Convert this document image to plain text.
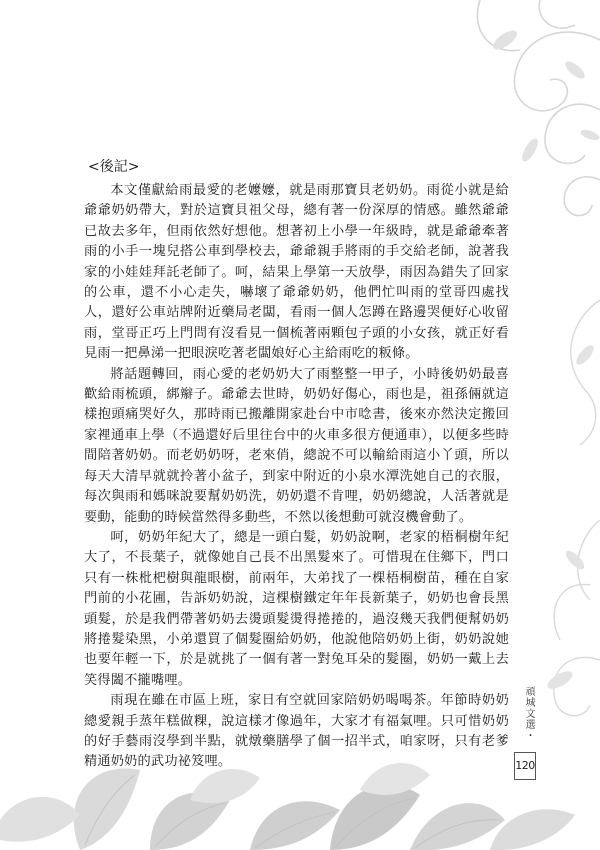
<後記>

本文僅獻給雨最愛的老嬤嬤，就是雨那寶貝老奶奶。雨從小就是給爺爺奶奶帶大，對於這寶貝祖父母，總有著一份深厚的情感。雖然爺爺已故去多年，但雨依然好想他。想著初上小學一年級時，就是爺爺牽著雨的小手一塊兒搭公車到學校去，爺爺親手將雨的手交給老師，說著我家的小娃娃拜託老師了。呵，結果上學第一天放學，雨因為錯失了回家的公車，還不小心走失，嚇壞了爺爺奶奶，他們忙叫雨的堂哥四處找人，還好公車站牌附近藥局老闆，看雨一個人怎蹲在路邊哭便好心收留雨，堂哥正巧上門問有沒看見一個梳著兩顆包子頭的小女孩，就正好看見雨一把鼻涕一把眼淚吃著老闆娘好心主給雨吃的粄條。

將話題轉回，雨心愛的老奶奶大了雨整整一甲子，小時後奶奶最喜歡給雨梳頭，綁辮子。爺爺去世時，奶奶好傷心，雨也是，祖孫倆就這樣抱頭痛哭好久，那時雨已搬離開家赴台中市唸書，後來亦然決定搬回家裡通車上學（不過還好后里往台中的火車多很方便通車），以便多些時間陪著奶奶。而老奶奶呀，老來俏，總說不可以輸給雨這小丫頭，所以每天大清早就就拎著小盆子，到家中附近的小泉水潭洗她自己的衣服，每次與雨和媽咪說要幫奶奶洗，奶奶還不肯哩，奶奶總說，人活著就是要動，能動的時候當然得多動些，不然以後想動可就沒機會動了。

呵，奶奶年紀大了，總是一頭白髮，奶奶說啊，老家的梧桐樹年紀大了，不長葉子，就像她自己長不出黑髮來了。可惜現在住鄉下，門口只有一株枇杷樹與龍眼樹，前兩年，大弟找了一棵梧桐樹苗，種在自家門前的小花圃，告訴奶奶說，這棵樹鐵定年年長新葉子，奶奶也會長黑頭髮，於是我們帶著奶奶去燙頭髮燙得捲捲的，過沒幾天我們便幫奶奶將捲髮染黑，小弟還買了個髮圈給奶奶，他說他陪奶奶上街，奶奶說她也要年輕一下，於是就挑了一個有著一對兔耳朵的髮圈，奶奶一戴上去笑得闔不攏嘴哩。

雨現在雖在市區上班，家日有空就回家陪奶奶喝喝茶。年節時奶奶總愛親手蒸年糕做粿，說這樣才像過年，大家才有福氣哩。只可惜奶奶的好手藝雨沒學到半點，就燉藥膳學了個一招半式，咱家呀，只有老爹精通奶奶的武功祕笈哩。

頑城文選・
120
